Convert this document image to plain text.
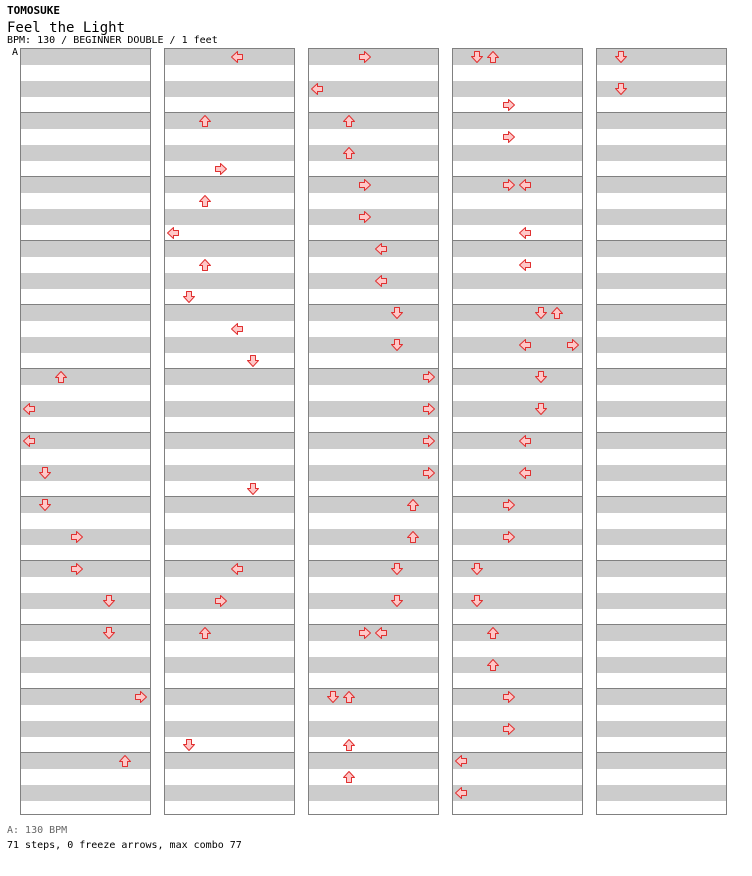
TOMOSUKE
Feel the Light
BPM: 130 / BEGINNER DOUBLE / 1 feet
A
A: 130 BPM
71 steps, 0 freeze arrows, max combo 77
